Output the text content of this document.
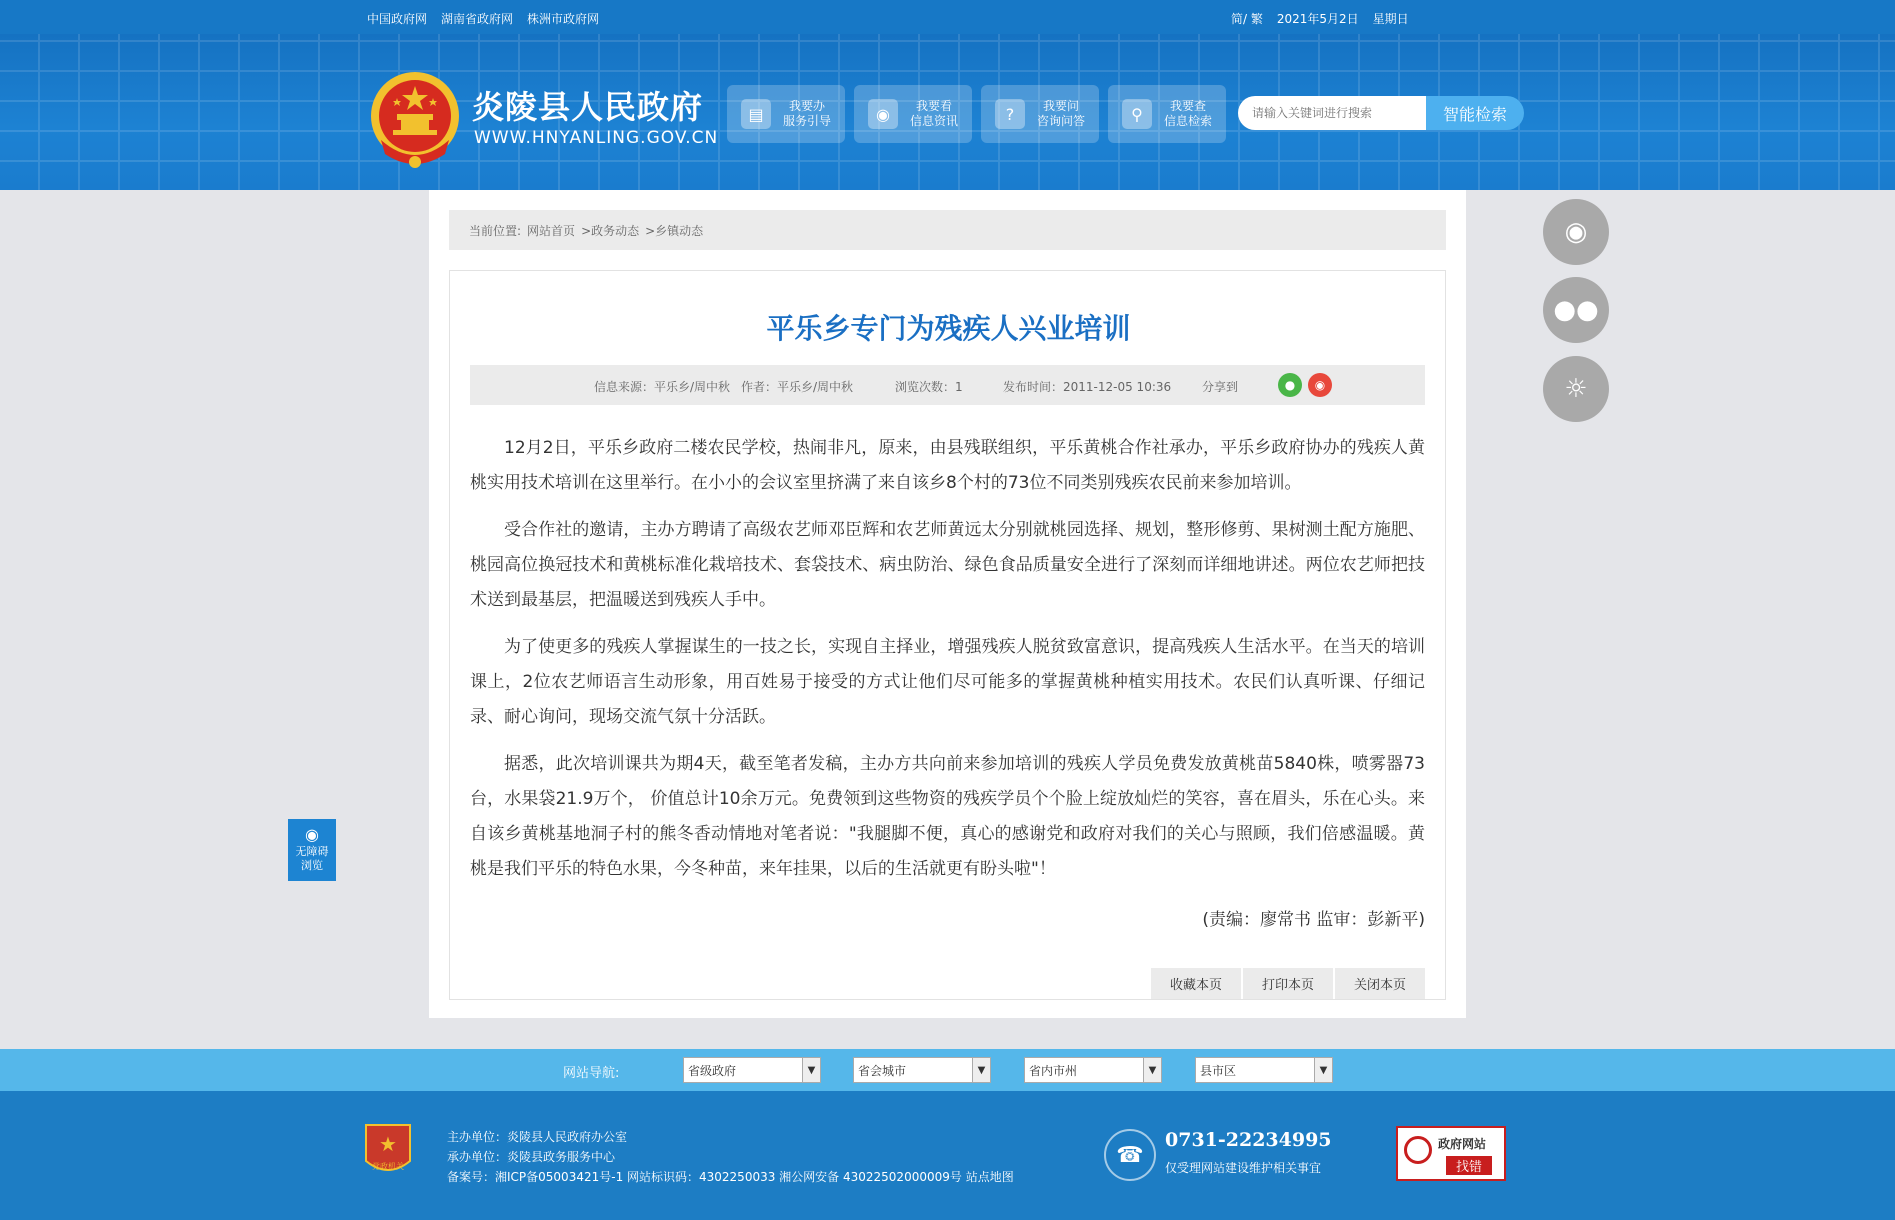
中国政府网 湖南省政府网 株洲市政府网	简/ 繁 2021年5月2日 星期日
炎陵县人民政府
WWW.HNYANLING.GOV.CN
▤	我要办
服务引导	◉	我要看
信息资讯	?	我要问
咨询问答	⚲	我要查
信息检索
请输入关键词进行搜索	智能检索
当前位置: 网站首页 >政务动态 >乡镇动态
平乐乡专门为残疾人兴业培训
信息来源：平乐乡/周中秋 作者：平乐乡/周中秋	浏览次数：1	发布时间：2011-12-05 10:36	分享到	●	◉

12月2日，平乐乡政府二楼农民学校，热闹非凡，原来，由县残联组织，平乐黄桃合作社承办，平乐乡政府协办的残疾人黄桃实用技术培训在这里举行。在小小的会议室里挤满了来自该乡8个村的73位不同类别残疾农民前来参加培训。

受合作社的邀请，主办方聘请了高级农艺师邓臣辉和农艺师黄远太分别就桃园选择、规划，整形修剪、果树测土配方施肥、桃园高位换冠技术和黄桃标准化栽培技术、套袋技术、病虫防治、绿色食品质量安全进行了深刻而详细地讲述。两位农艺师把技术送到最基层，把温暖送到残疾人手中。

为了使更多的残疾人掌握谋生的一技之长，实现自主择业，增强残疾人脱贫致富意识，提高残疾人生活水平。在当天的培训课上，2位农艺师语言生动形象，用百姓易于接受的方式让他们尽可能多的掌握黄桃种植实用技术。农民们认真听课、仔细记录、耐心询问，现场交流气氛十分活跃。

据悉，此次培训课共为期4天，截至笔者发稿，主办方共向前来参加培训的残疾人学员免费发放黄桃苗5840株，喷雾器73台，水果袋21.9万个， 价值总计10余万元。免费领到这些物资的残疾学员个个脸上绽放灿烂的笑容，喜在眉头，乐在心头。来自该乡黄桃基地洞子村的熊冬香动情地对笔者说："我腿脚不便，真心的感谢党和政府对我们的关心与照顾，我们倍感温暖。黄桃是我们平乐的特色水果，今冬种苗，来年挂果，以后的生活就更有盼头啦"！

(责编：廖常书 监审：彭新平)
收藏本页	打印本页	关闭本页
◉
●●
☼
◉
无障碍
浏览
网站导航:	省级政府	▼	省会城市	▼	省内市州	▼	县市区	▼
★
党政机关
主办单位：炎陵县人民政府办公室
承办单位：炎陵县政务服务中心
备案号：湘ICP备05003421号-1 网站标识码：4302250033 湘公网安备 43022502000009号 站点地图
☎
0731-22234995
仅受理网站建设维护相关事宜
政府网站
找错
